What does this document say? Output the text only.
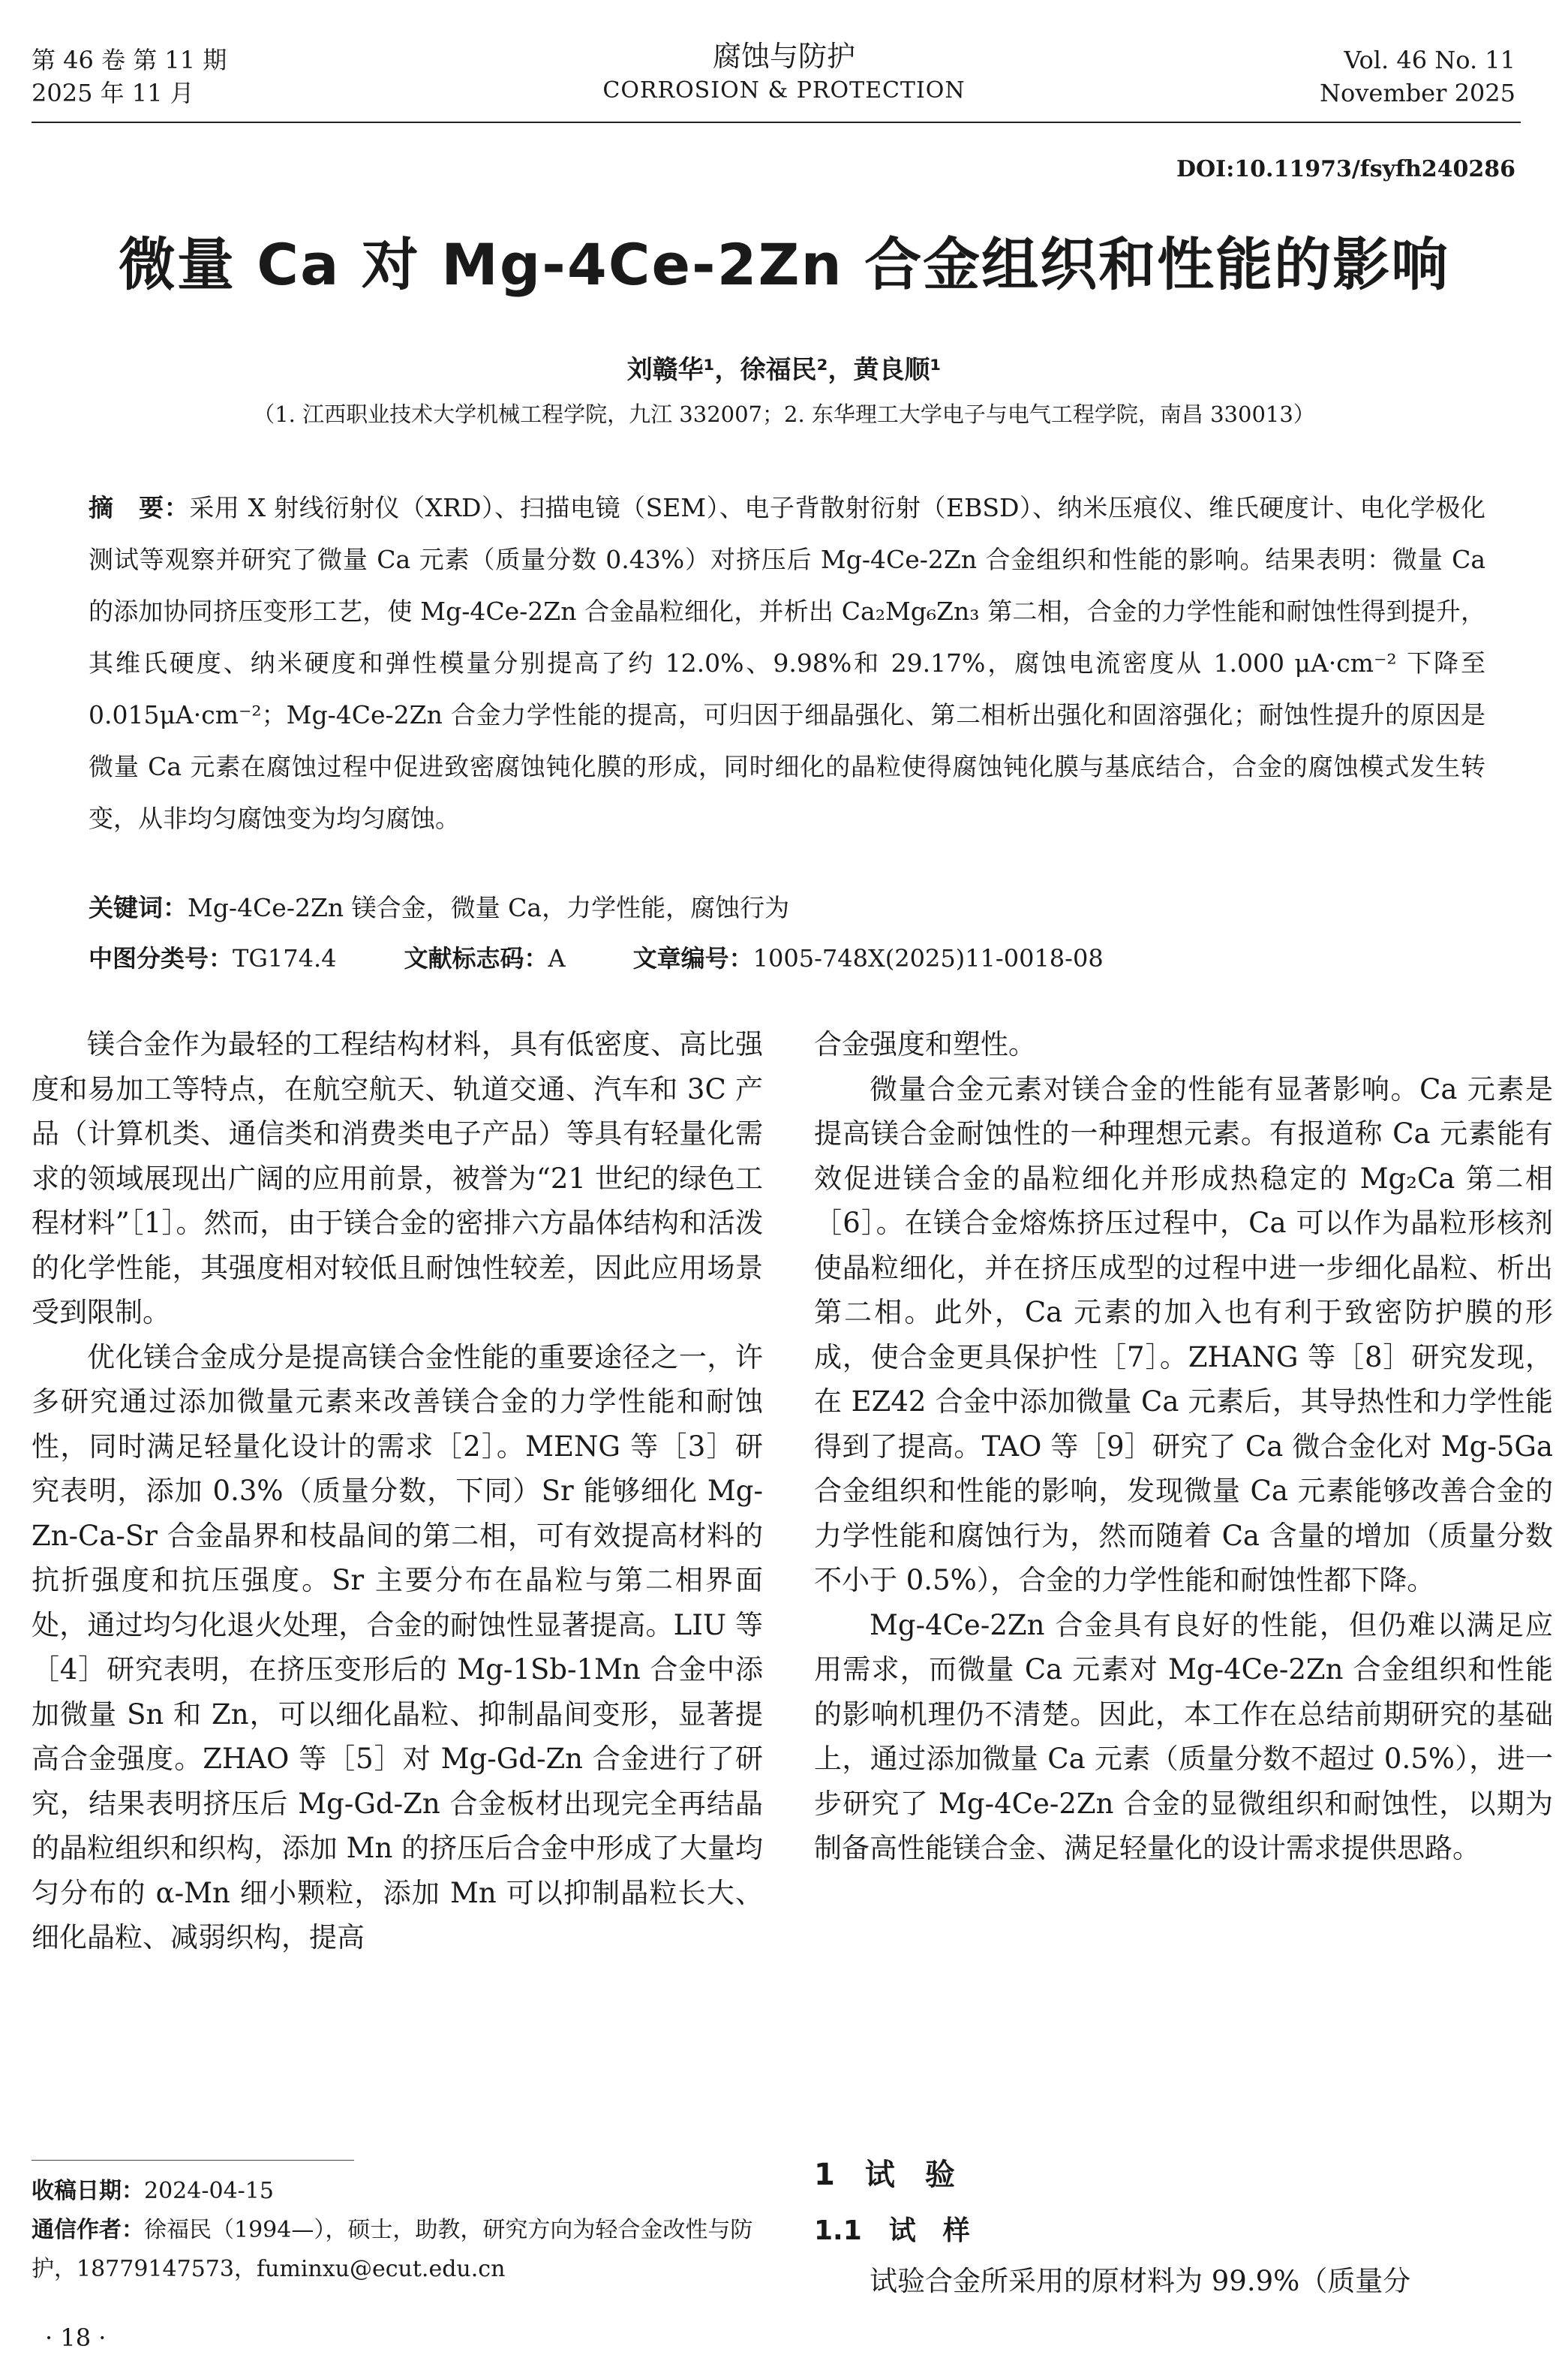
第 46 卷 第 11 期
2025 年 11 月
腐蚀与防护
CORROSION & PROTECTION
Vol. 46 No. 11
November 2025
DOI:10.11973/fsyfh240286
微量 Ca 对 Mg-4Ce-2Zn 合金组织和性能的影响
刘赣华¹，徐福民²，黄良顺¹
（1. 江西职业技术大学机械工程学院，九江 332007；2. 东华理工大学电子与电气工程学院，南昌 330013）
摘　要：采用 X 射线衍射仪（XRD）、扫描电镜（SEM）、电子背散射衍射（EBSD）、纳米压痕仪、维氏硬度计、电化学极化测试等观察并研究了微量 Ca 元素（质量分数 0.43%）对挤压后 Mg-4Ce-2Zn 合金组织和性能的影响。结果表明：微量 Ca 的添加协同挤压变形工艺，使 Mg-4Ce-2Zn 合金晶粒细化，并析出 Ca₂Mg₆Zn₃ 第二相，合金的力学性能和耐蚀性得到提升，其维氏硬度、纳米硬度和弹性模量分别提高了约 12.0%、9.98%和 29.17%，腐蚀电流密度从 1.000 μA·cm⁻² 下降至 0.015μA·cm⁻²；Mg-4Ce-2Zn 合金力学性能的提高，可归因于细晶强化、第二相析出强化和固溶强化；耐蚀性提升的原因是微量 Ca 元素在腐蚀过程中促进致密腐蚀钝化膜的形成，同时细化的晶粒使得腐蚀钝化膜与基底结合，合金的腐蚀模式发生转变，从非均匀腐蚀变为均匀腐蚀。
关键词：Mg-4Ce-2Zn 镁合金，微量 Ca，力学性能，腐蚀行为
中图分类号：TG174.4	文献标志码：A	文章编号：1005-748X(2025)11-0018-08

镁合金作为最轻的工程结构材料，具有低密度、高比强度和易加工等特点，在航空航天、轨道交通、汽车和 3C 产品（计算机类、通信类和消费类电子产品）等具有轻量化需求的领域展现出广阔的应用前景，被誉为“21 世纪的绿色工程材料”［1］。然而，由于镁合金的密排六方晶体结构和活泼的化学性能，其强度相对较低且耐蚀性较差，因此应用场景受到限制。

优化镁合金成分是提高镁合金性能的重要途径之一，许多研究通过添加微量元素来改善镁合金的力学性能和耐蚀性，同时满足轻量化设计的需求［2］。MENG 等［3］研究表明，添加 0.3%（质量分数，下同）Sr 能够细化 Mg-Zn-Ca-Sr 合金晶界和枝晶间的第二相，可有效提高材料的抗折强度和抗压强度。Sr 主要分布在晶粒与第二相界面处，通过均匀化退火处理，合金的耐蚀性显著提高。LIU 等［4］研究表明，在挤压变形后的 Mg-1Sb-1Mn 合金中添加微量 Sn 和 Zn，可以细化晶粒、抑制晶间变形，显著提高合金强度。ZHAO 等［5］对 Mg-Gd-Zn 合金进行了研究，结果表明挤压后 Mg-Gd-Zn 合金板材出现完全再结晶的晶粒组织和织构，添加 Mn 的挤压后合金中形成了大量均匀分布的 α-Mn 细小颗粒，添加 Mn 可以抑制晶粒长大、细化晶粒、减弱织构，提高

合金强度和塑性。

微量合金元素对镁合金的性能有显著影响。Ca 元素是提高镁合金耐蚀性的一种理想元素。有报道称 Ca 元素能有效促进镁合金的晶粒细化并形成热稳定的 Mg₂Ca 第二相［6］。在镁合金熔炼挤压过程中，Ca 可以作为晶粒形核剂使晶粒细化，并在挤压成型的过程中进一步细化晶粒、析出第二相。此外，Ca 元素的加入也有利于致密防护膜的形成，使合金更具保护性［7］。ZHANG 等［8］研究发现，在 EZ42 合金中添加微量 Ca 元素后，其导热性和力学性能得到了提高。TAO 等［9］研究了 Ca 微合金化对 Mg-5Ga 合金组织和性能的影响，发现微量 Ca 元素能够改善合金的力学性能和腐蚀行为，然而随着 Ca 含量的增加（质量分数不小于 0.5%），合金的力学性能和耐蚀性都下降。

Mg-4Ce-2Zn 合金具有良好的性能，但仍难以满足应用需求，而微量 Ca 元素对 Mg-4Ce-2Zn 合金组织和性能的影响机理仍不清楚。因此，本工作在总结前期研究的基础上，通过添加微量 Ca 元素（质量分数不超过 0.5%），进一步研究了 Mg-4Ce-2Zn 合金的显微组织和耐蚀性，以期为制备高性能镁合金、满足轻量化的设计需求提供思路。

1　试　验
1.1　试　样
试验合金所采用的原材料为 99.9%（质量分
收稿日期：2024-04-15
通信作者：徐福民（1994—），硕士，助教，研究方向为轻合金改性与防护，18779147573，fuminxu@ecut.edu.cn
· 18 ·
